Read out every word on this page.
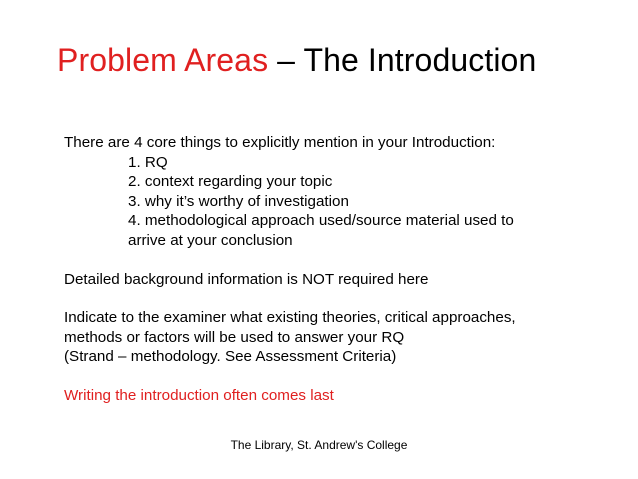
Problem Areas – The Introduction
There are 4 core things to explicitly mention in your Introduction:
1. RQ
2. context regarding your topic
3. why it’s worthy of investigation
4. methodological approach used/source material used to
arrive at your conclusion
Detailed background information is NOT required here
Indicate to the examiner what existing theories, critical approaches,
methods or factors will be used to answer your RQ
(Strand – methodology. See Assessment Criteria)
Writing the introduction often comes last
The Library, St. Andrew's College
